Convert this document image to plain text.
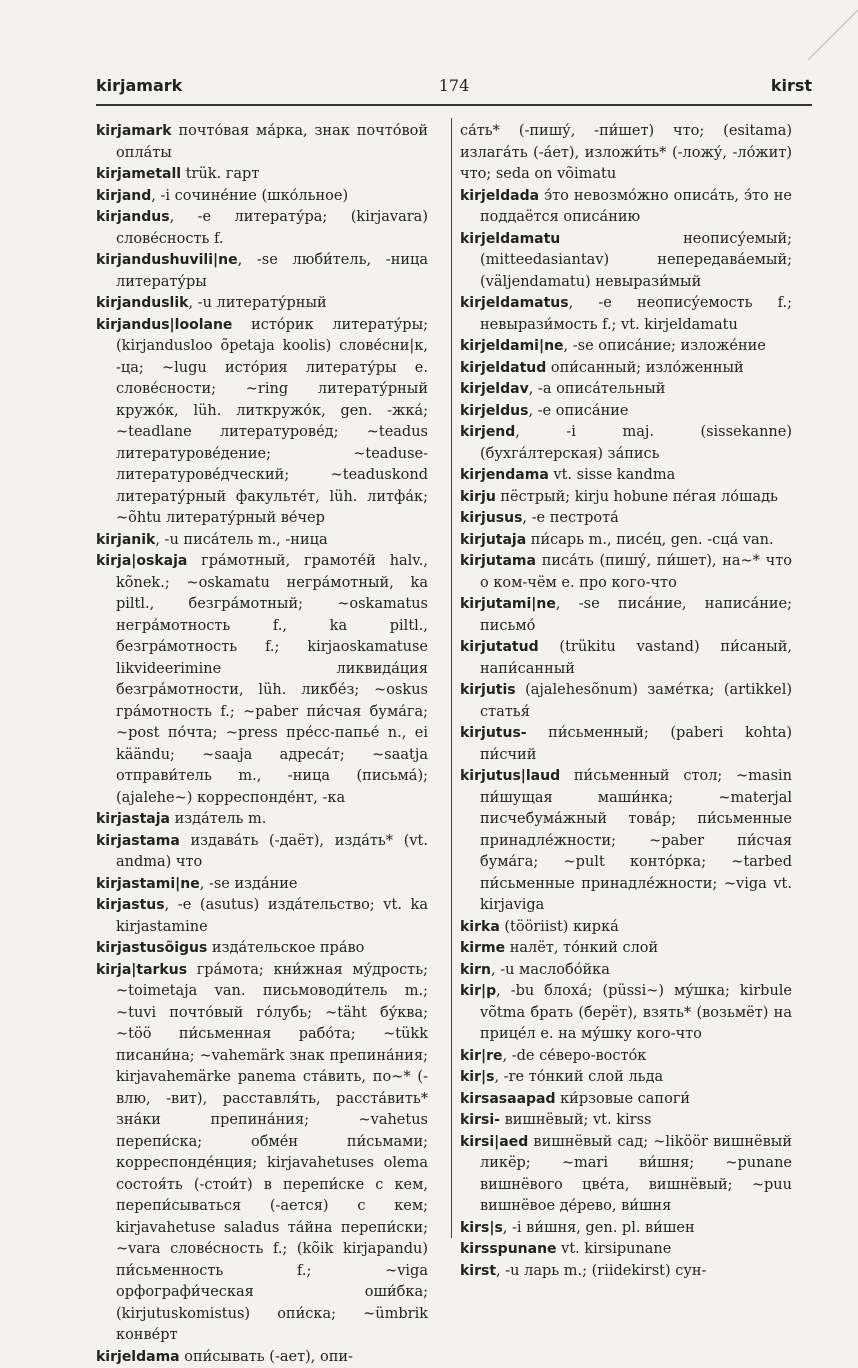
kirjamark	174	kirst

kirjamark почто́вая ма́рка, знак почто́вой опла́ты

kirjametall trük. гарт

kirjand, -i сочине́ние (шко́льное)

kirjandus, -e литерату́ра; (kirjavara) слове́сность f.

kirjandushuvili|ne, -se люби́тель, -ница литерату́ры

kirjanduslik, -u литерату́рный

kirjandus|loolane исто́рик литерату́ры; (kirjandusloo õpetaja koolis) слове́сни|к, -ца; ~lugu исто́рия литерату́ры e. слове́сности; ~ring литерату́рный кружо́к, lüh. литкружо́к, gen. -жка́; ~teadlane литературове́д; ~teadus литературове́дение; ~teaduse- литературове́дческий; ~teaduskond литерату́рный факульте́т, lüh. литфа́к; ~õhtu литерату́рный ве́чер

kirjanik, -u писа́тель m., -ница

kirja|oskaja гра́мотный, грамоте́й halv., kõnek.; ~oskamatu негра́мотный, ka piltl., безгра́мотный; ~oskamatus негра́мотность f., ka piltl., безгра́мотность f.; kirjaoskamatuse likvideerimine ликвида́ция безгра́мотности, lüh. ликбе́з; ~oskus гра́мотность f.; ~paber пи́счая бума́га; ~post по́чта; ~press пре́сс-папье́ n., ei käändu; ~saaja адреса́т; ~saatja отправи́тель m., -ница (письма́); (ajalehe~) корреспонде́нт, -ка

kirjastaja изда́тель m.

kirjastama издава́ть (-даёт), изда́ть* (vt. andma) что

kirjastami|ne, -se изда́ние

kirjastus, -e (asutus) изда́тельство; vt. ka kirjastamine

kirjastusõigus изда́тельское пра́во

kirja|tarkus гра́мота; кни́жная му́дрость; ~toimetaja van. письмоводи́тель m.; ~tuvi почто́вый го́лубь; ~täht бу́ква; ~töö пи́сьменная рабо́та; ~tükk писани́на; ~vahemärk знак препина́ния; kirjavahemärke panema ста́вить, по~* (-влю, -вит), расставля́ть, расста́вить* зна́ки препина́ния; ~vahetus перепи́ска; обме́н пи́сьмами; корреспонде́нция; kirjavahetuses olema состоя́ть (-стои́т) в перепи́ске с кем, перепи́сываться (-ается) с кем; kirjavahetuse saladus та́йна перепи́ски; ~vara слове́сность f.; (kõik kirjapandu) пи́сьменность f.; ~viga орфографи́ческая оши́бка; (kirjutuskomistus) опи́ска; ~ümbrik конве́рт

kirjeldama опи́сывать (-ает), опи-

са́ть* (-пишу́, -пи́шет) что; (esitama) излага́ть (-а́ет), изложи́ть* (-ложу́, -ло́жит) что; seda on võimatu

kirjeldada э́то невозмо́жно описа́ть, э́то не поддаётся описа́нию

kirjeldamatu неопису́емый; (mitteedasiantav) непередава́емый; (väljendamatu) невырази́мый

kirjeldamatus, -e неопису́емость f.; невырази́мость f.; vt. kirjeldamatu

kirjeldami|ne, -se описа́ние; изложе́ние

kirjeldatud опи́санный; изло́женный

kirjeldav, -a описа́тельный

kirjeldus, -e описа́ние

kirjend, -i maj. (sissekanne) (бухга́лтерская) за́пись

kirjendama vt. sisse kandma

kirju пёстрый; kirju hobune пе́гая ло́шадь

kirjusus, -e пестрота́

kirjutaja пи́сарь m., писе́ц, gen. -сца́ van.

kirjutama писа́ть (пишу́, пи́шет), на~* что о ком-чём e. про кого-что

kirjutami|ne, -se писа́ние, написа́ние; письмо́

kirjutatud (trükitu vastand) пи́саный, напи́санный

kirjutis (ajalehesõnum) заме́тка; (artikkel) статья́

kirjutus- пи́сьменный; (paberi kohta) пи́счий

kirjutus|laud пи́сьменный стол; ~masin пи́шущая маши́нка; ~materjal писчебума́жный това́р; пи́сьменные принадле́жности; ~paber пи́счая бума́га; ~pult конто́рка; ~tarbed пи́сьменные принадле́жности; ~viga vt. kirjaviga

kirka (tööriist) кирка́

kirme налёт, то́нкий слой

kirn, -u маслобо́йка

kir|p, -bu блоха́; (püssi~) му́шка; kirbule võtma брать (берёт), взять* (возьмёт) на прице́л e. на му́шку кого-что

kir|re, -de се́веро-восто́к

kir|s, -re то́нкий слой льда

kirsasaapad ки́рзовые сапоги́

kirsi- вишнёвый; vt. kirss

kirsi|aed вишнёвый сад; ~liköör вишнёвый ликёр; ~mari ви́шня; ~punane вишнёвого цве́та, вишнёвый; ~puu вишнёвое де́рево, ви́шня

kirs|s, -i ви́шня, gen. pl. ви́шен

kirsspunane vt. kirsipunane

kirst, -u ларь m.; (riidekirst) сун-
